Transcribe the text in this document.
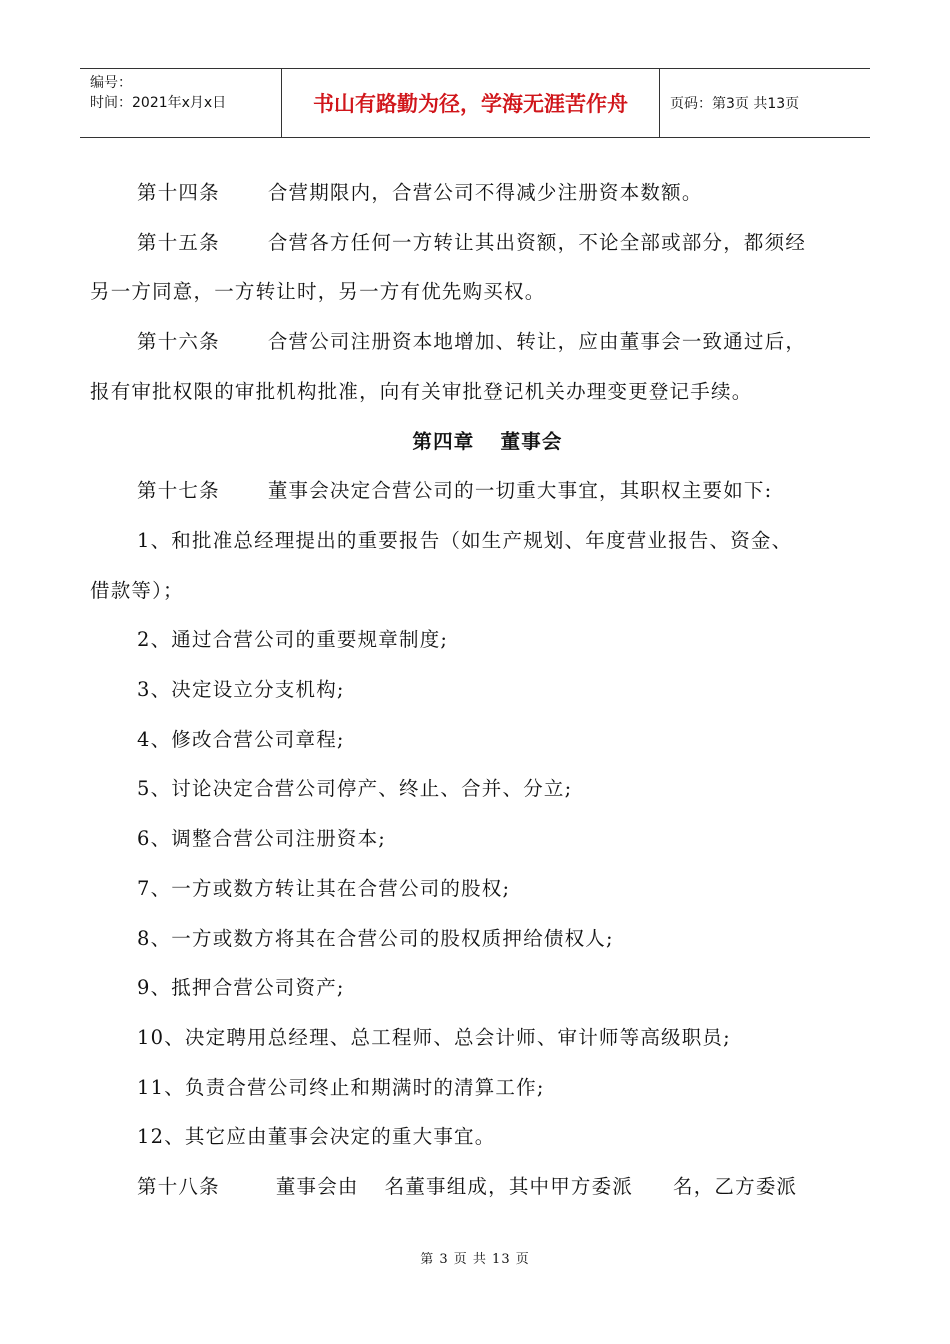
编号：
时间：2021年x月x日	书山有路勤为径，学海无涯苦作舟	页码：第3页 共13页

第十四条 合营期限内，合营公司不得减少注册资本数额。

第十五条 合营各方任何一方转让其出资额，不论全部或部分，都须经

另一方同意，一方转让时，另一方有优先购买权。

第十六条 合营公司注册资本地增加、转让，应由董事会一致通过后，

报有审批权限的审批机构批准，向有关审批登记机关办理变更登记手续。

第四章 董事会

第十七条 董事会决定合营公司的一切重大事宜，其职权主要如下:

1、和批准总经理提出的重要报告（如生产规划、年度营业报告、资金、

借款等）；

2、通过合营公司的重要规章制度;

3、决定设立分支机构;

4、修改合营公司章程;

5、讨论决定合营公司停产、终止、合并、分立;

6、调整合营公司注册资本;

7、一方或数方转让其在合营公司的股权;

8、一方或数方将其在合营公司的股权质押给债权人;

9、抵押合营公司资产;

10、决定聘用总经理、总工程师、总会计师、审计师等高级职员;

11、负责合营公司终止和期满时的清算工作;

12、其它应由董事会决定的重大事宜。

第十八条	董事会由 名董事组成，其中甲方委派 名，乙方委派

第 3 页 共 13 页
